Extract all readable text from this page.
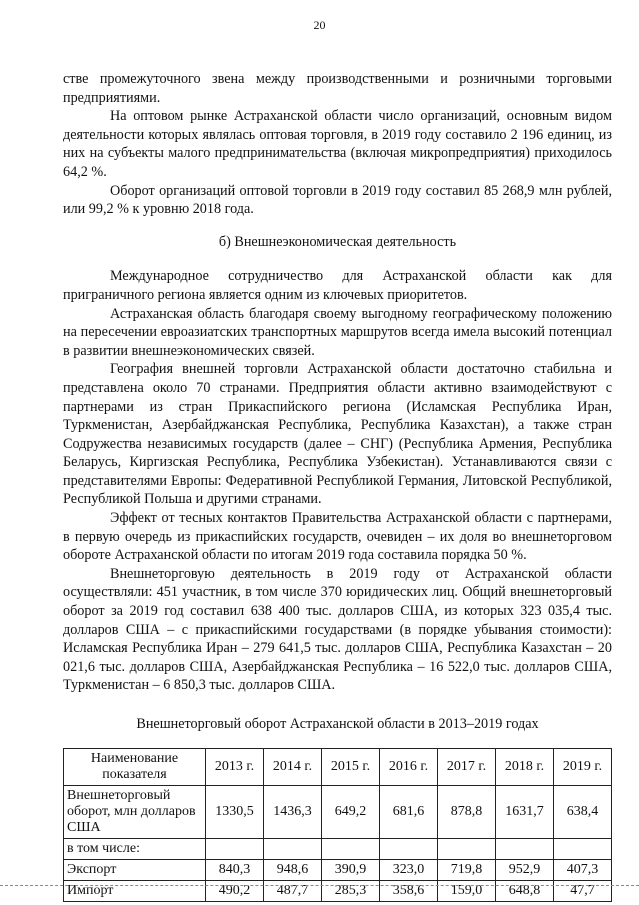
20

стве промежуточного звена между производственными и розничными торговыми предприятиями.

На оптовом рынке Астраханской области число организаций, основным видом деятельности которых являлась оптовая торговля, в 2019 году составило 2 196 единиц, из них на субъекты малого предпринимательства (включая микропредприятия) приходилось 64,2 %.

Оборот организаций оптовой торговли в 2019 году составил 85 268,9 млн рублей, или 99,2 % к уровню 2018 года.

б) Внешнеэкономическая деятельность

Международное сотрудничество для Астраханской области как для приграничного региона является одним из ключевых приоритетов.

Астраханская область благодаря своему выгодному географическому положению на пересечении евроазиатских транспортных маршрутов всегда имела высокий потенциал в развитии внешнеэкономических связей.

География внешней торговли Астраханской области достаточно стабильна и представлена около 70 странами. Предприятия области активно взаимодействуют с партнерами из стран Прикаспийского региона (Исламская Республика Иран, Туркменистан, Азербайджанская Республика, Республика Казахстан), а также стран Содружества независимых государств (далее – СНГ) (Республика Армения, Республика Беларусь, Киргизская Республика, Республика Узбекистан). Устанавливаются связи с представителями Европы: Федеративной Республикой Германия, Литовской Республикой, Республикой Польша и другими странами.

Эффект от тесных контактов Правительства Астраханской области с партнерами, в первую очередь из прикаспийских государств, очевиден – их доля во внешнеторговом обороте Астраханской области по итогам 2019 года составила порядка 50 %.

Внешнеторговую деятельность в 2019 году от Астраханской области осуществляли: 451 участник, в том числе 370 юридических лиц. Общий внешнеторговый оборот за 2019 год составил 638 400 тыс. долларов США, из которых 323 035,4 тыс. долларов США – с прикаспийскими государствами (в порядке убывания стоимости): Исламская Республика Иран – 279 641,5 тыс. долларов США, Республика Казахстан – 20 021,6 тыс. долларов США, Азербайджанская Республика – 16 522,0 тыс. долларов США, Туркменистан – 6 850,3 тыс. долларов США.

Внешнеторговый оборот Астраханской области в 2013–2019 годах

Наименование показателя	2013 г.	2014 г.	2015 г.	2016 г.	2017 г.	2018 г.	2019 г.
Внешнеторговый оборот, млн долларов США	1330,5	1436,3	649,2	681,6	878,8	1631,7	638,4
в том числе:							
Экспорт	840,3	948,6	390,9	323,0	719,8	952,9	407,3
Импорт	490,2	487,7	285,3	358,6	159,0	648,8	47,7
